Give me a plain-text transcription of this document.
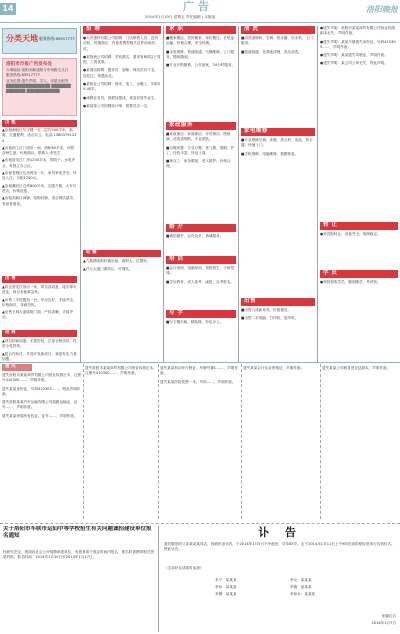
14	广告
2014年1月10日 星期五 责任编辑 / 本版组
洛阳晚报
分类天地 服务热线:65917777
洛阳市市报广告发布处
办事地址:洛阳市解放路与中州路交叉口
服务热线:65917777
业务范围:遗失声明、寻人、房屋出租等
████████████████ ██████████████ ████████████
出 租
▲出租涧西区写字楼一至二层约500平米，临街，交通便利，适合办公。电话:13803791234
▲出租西工区门面房一间，面积60平米，可做各种生意，价格面议。联系人:李先生
▲出租洛龙区厂房1200平米，带院子，水电齐全，有独立办公区。
▲出租老城区住房两室一厅，家具家电齐全，拎包入住，月租1200元。
▲出租瀍河区仓库800平米，交通方便，大车可进出，价格优惠。
▲出租高新区商铺，临街旺铺，适合餐饮超市，有意者面谈。
出 售
▲转让洛龙区饭店一家，带全部设备，接手即可营业，因另有他事急转。
▲出售二手挖掘机一台，车况良好，手续齐全，价格面议，非诚勿扰。
▲出售王城大道临街门面，产权清晰，手续齐全。
招 商
▲项目招商加盟，无需经验，总部全程扶持，投资小见效快。
▲招合作伙伴，共同开发新项目，欢迎有实力者加盟。
招 聘
●大洋建材有限公司招聘：门店销售人员、送货司机，待遇面议，有意者携带相关证件前来面试。
●某物流公司招聘：司机数名，要求有B照以上驾照，工资优厚。
●某酒店招聘：服务员、厨师、保洁员若干名，包吃住，待遇从优。
●某物业公司招聘：保安、电工、水暖工，年龄25-45岁。
●诚聘业务员，底薪加提成，欢迎应届毕业生。
●某装饰公司招聘设计师、预算员各一名。
旺 铺
▲九都路临街旺铺出租，面积大，位置好。
▲开元大道门面转让，可餐饮。
求 职
■搬家搬运，居民搬家、单位搬迁、长短途运输，价格合理，安全快捷。
■水电维修，管道疏通，马桶维修，上门服务，随叫随到。
■专业开锁换锁，公安备案，24小时服务。
家政服务
■家政保洁：家庭保洁、开荒保洁、擦玻璃、清洗油烟机，专业团队。
■月嫂育婴：专业月嫂、育儿嫂、保姆、护工，经验丰富，持证上岗。
■钟点工：家务做饭、老人陪护，价格合理。
婚 介
■诚信婚介，会员众多，真诚服务。
培 训
■会计培训、电脑培训、驾校招生，小班授课。
■学历教育，成人高考，函授，自考报名。
写 字
■写字楼出租，精装修，拎包办公。
清 洗
■清洗油烟机、空调、热水器、饮水机，上门服务。
■管道疏通，化粪池清理，高压清洗。
家电维修
■专业维修空调、冰箱、洗衣机、电视、热水器，快速上门。
■手机维修，电脑维修，数据恢复。
出售
■出售九成新家具，价格便宜。
■出售二手电脑、打印机、复印机。
●遗失声明：洛阳市某某商贸有限公司营业执照副本丢失，声明作废。
●遗失声明：某某不慎遗失身份证，号码410305……，声明作废。
●遗失声明：某某遗失驾驶证，声明作废。
●遗失声明：某公司公章丢失，特此声明。
转 让
●美容院转让，设备齐全，客源稳定。
学 员
●驾校招收学员，随到随学，考试快。
遗 失
遗失洛阳市某某商贸有限公司营业执照正本，注册号410300……，声明作废。
遗失某某身份证，号码410303……，特此声明作废。
遗失洛阳某某汽车运输有限公司道路运输证，证号……，声明作废。
遗失某某房屋所有权证，证号……，声明作废。
遗失某某机动车行驶证，车牌号豫C……，声明作废。
遗失某某医院发票一本，号码……，声明作废。
遗失某某会计从业资格证，声明作废。	遗失某某公司税务登记证副本，声明作废。
遗失洛阳市某某商贸有限公司营业执照正本，注册号410300……，声明作废。
关于洛阳市车联市运仙中等学校招生有关问题诚招建设单位报名通知
经研究决定，现面向社会公开招聘承建单位，有意者请于规定时间内报名，报名时需携带相关资质材料。报名时间：2014年1月10日至2014年1月17日。
讣 告
我们敬爱的父亲某某某同志，因病医治无效，于2014年1月5日不幸逝世，享年85岁。定于2014年1月11日上午9时在洛阳殡仪馆举行告别仪式。特此讣告。
（生前好友请届时参加）
孝子：某某某	孝女：某某某
孝孙：某某某	孝媳：某某某
孝婿：某某某	孝孙女：某某某
家属泣告
2014年1月7日
